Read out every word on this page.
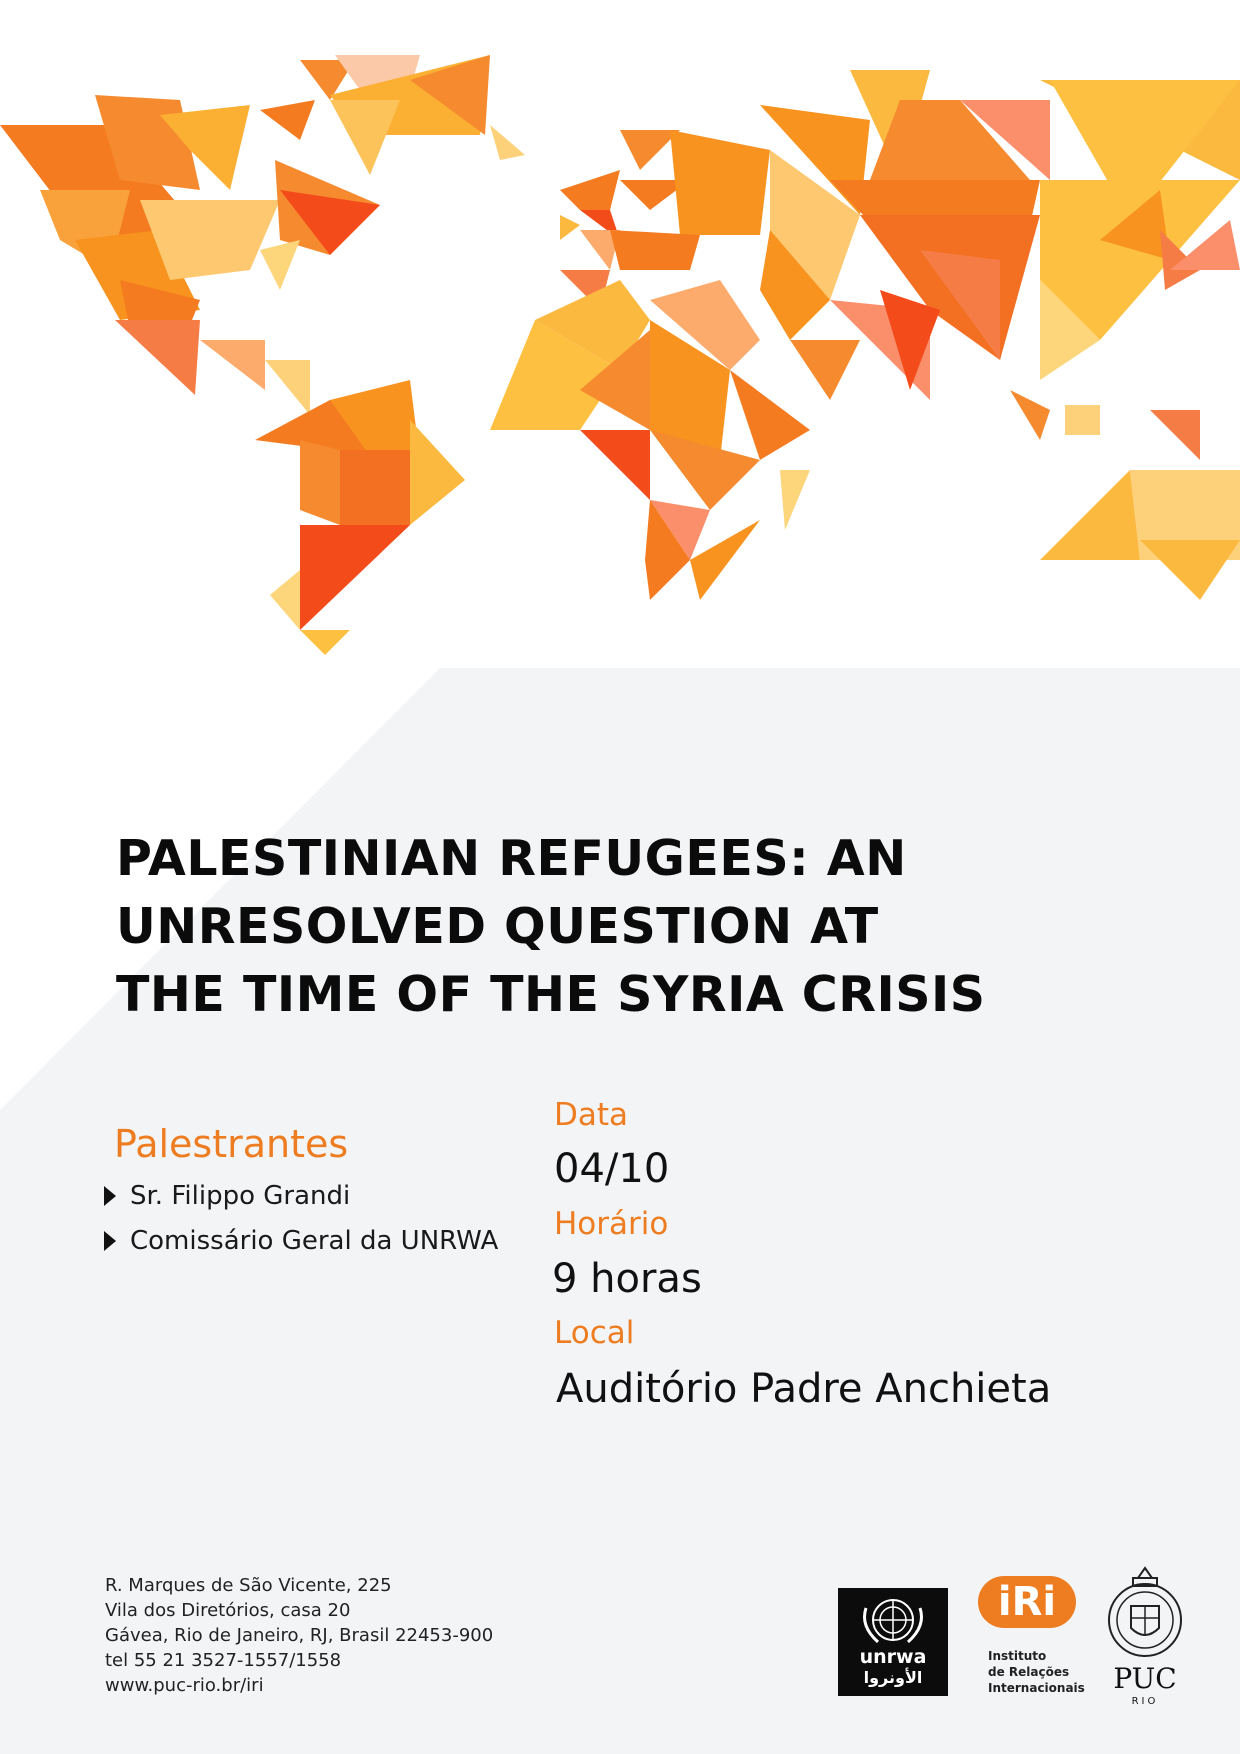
PALESTINIAN REFUGEES: AN
UNRESOLVED QUESTION AT
THE TIME OF THE SYRIA CRISIS
Palestrantes
Sr. Filippo Grandi
Comissário Geral da UNRWA
Data
04/10
Horário
9 horas
Local
Auditório Padre Anchieta
R. Marques de São Vicente, 225
Vila dos Diretórios, casa 20
Gávea, Rio de Janeiro, RJ, Brasil 22453-900
tel 55 21 3527-1557/1558
www.puc-rio.br/iri
unrwa
الأونروا
iRi
Instituto
de Relações
Internacionais	PUC
RIO
